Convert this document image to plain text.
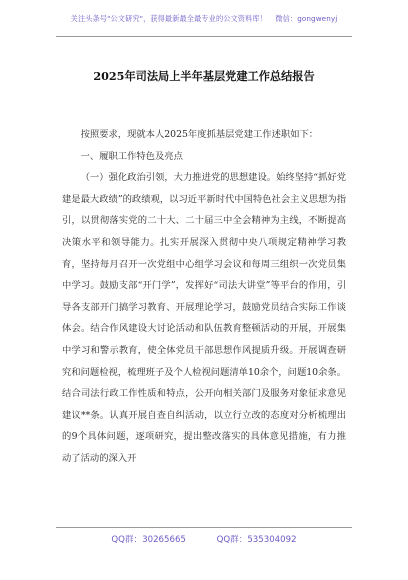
关注头条号"公文研究"，获得最新最全最专业的公文资料库！ 微信：gongwenyj
2025年司法局上半年基层党建工作总结报告

按照要求，现就本人2025年度抓基层党建工作述职如下：

一、履职工作特色及亮点

（一）强化政治引领，大力推进党的思想建设。始终坚持“抓好党建是最大政绩”的政绩观，以习近平新时代中国特色社会主义思想为指引，以贯彻落实党的二十大、二十届三中全会精神为主线，不断提高决策水平和领导能力。扎实开展深入贯彻中央八项规定精神学习教育，坚持每月召开一次党组中心组学习会议和每周三组织一次党员集中学习。鼓励支部“开门学”，发挥好“司法大讲堂”等平台的作用，引导各支部开门搞学习教育、开展理论学习，鼓励党员结合实际工作谈体会。结合作风建设大讨论活动和队伍教育整顿活动的开展，开展集中学习和警示教育，使全体党员干部思想作风提质升级。开展调查研究和问题检视，梳理班子及个人检视问题清单10余个，问题10余条。结合司法行政工作性质和特点，公开向相关部门及服务对象征求意见建议**条。认真开展自查自纠活动，以立行立改的态度对分析梳理出的9个具体问题，逐项研究，提出整改落实的具体意见措施，有力推动了活动的深入开

QQ群：30265665	QQ群：535304092
